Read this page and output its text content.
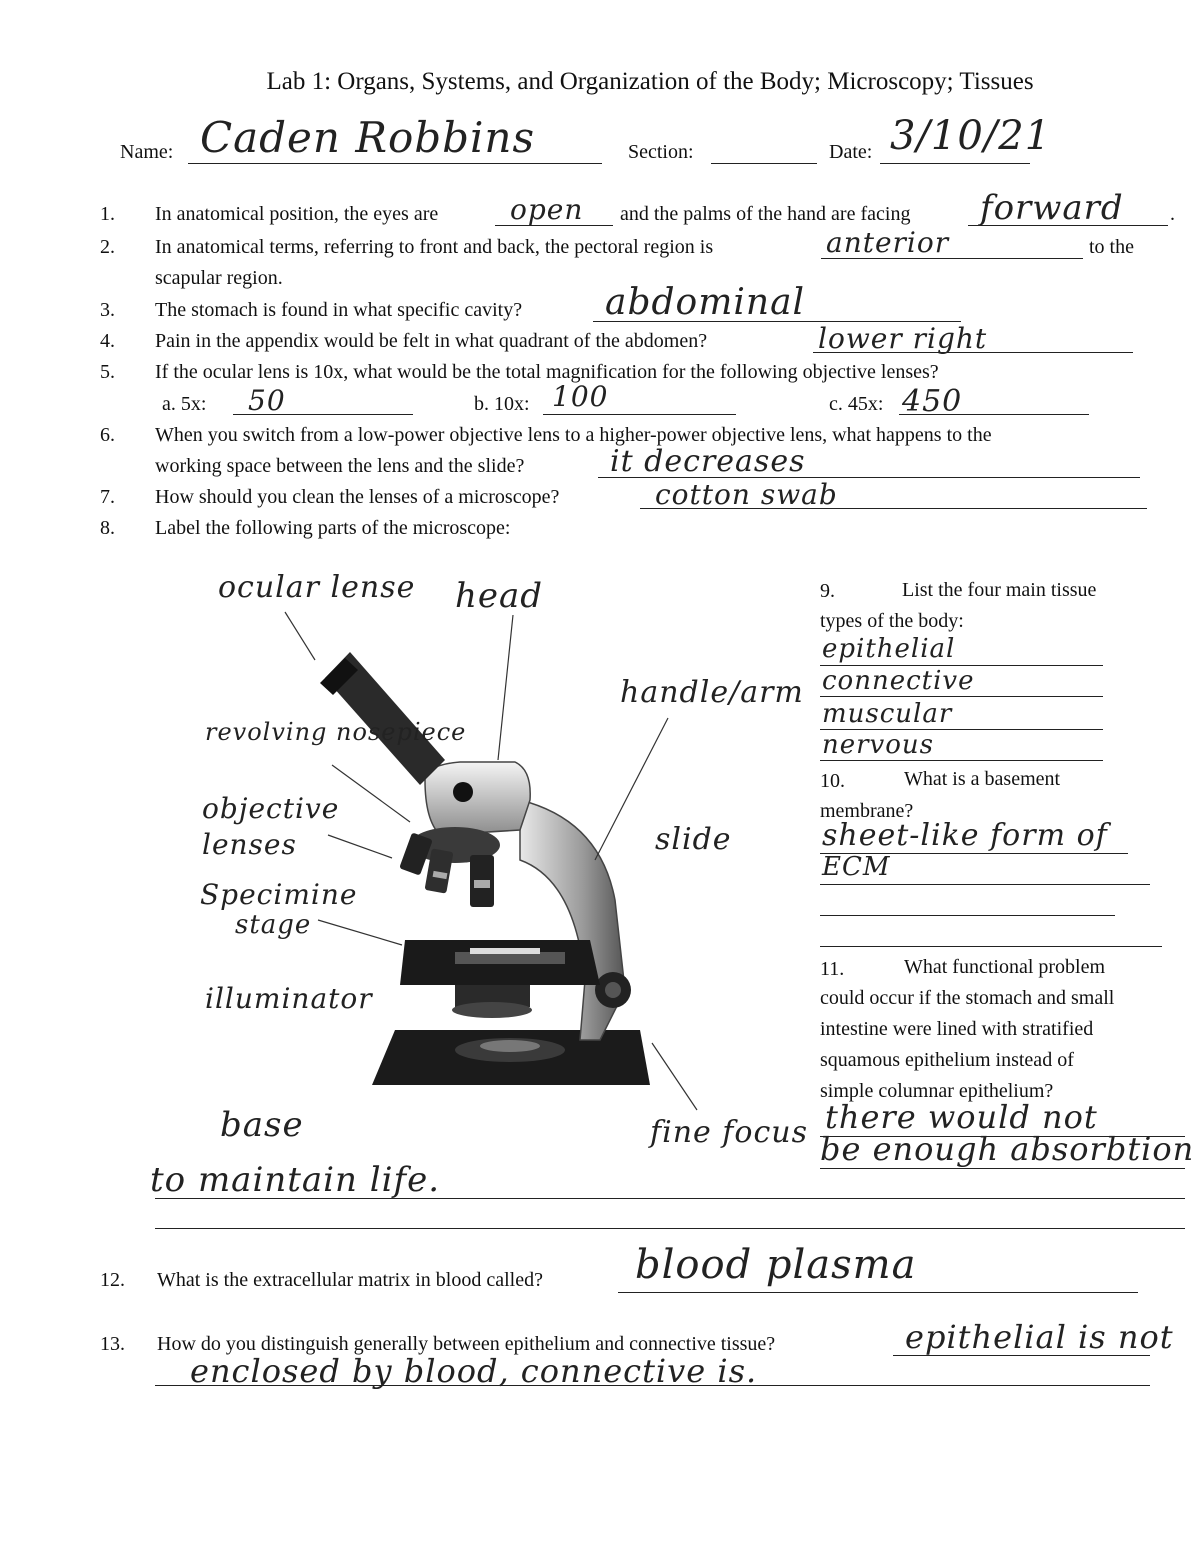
Lab 1: Organs, Systems, and Organization of the Body; Microscopy; Tissues
Name: Caden Robbins	Section:	Date: 3/10/21
1. In anatomical position, the eyes are	open and the palms of the hand are facing forward .
2. In anatomical terms, referring to front and back, the pectoral region is	anterior	to the
scapular region.
3. The stomach is found in what specific cavity? abdominal
4. Pain in the appendix would be felt in what quadrant of the abdomen?	lower right
5. If the ocular lens is 10x, what would be the total magnification for the following objective lenses?
a. 5x: 50	b. 10x: 100	c. 45x: 450
6. When you switch from a low-power objective lens to a higher-power objective lens, what happens to the
working space between the lens and the slide?	it decreases
7. How should you clean the lenses of a microscope?	cotton swab
8. Label the following parts of the microscope:
ocular lense head
handle/arm
revolving nosepiece
objective
lenses	slide
Specimine
stage
illuminator
base	fine focus
9.	List the four main tissue
types of the body:
epithelial
connective
muscular
nervous
10.	What is a basement
membrane?
sheet-like form of
ECM
11.	What functional problem
could occur if the stomach and small
intestine were lined with stratified
squamous epithelium instead of
simple columnar epithelium?
there would not
be enough absorbtion
to maintain life.
12. What is the extracellular matrix in blood called? blood plasma
13. How do you distinguish generally between epithelium and connective tissue?	epithelial is not
enclosed by blood, connective is.
